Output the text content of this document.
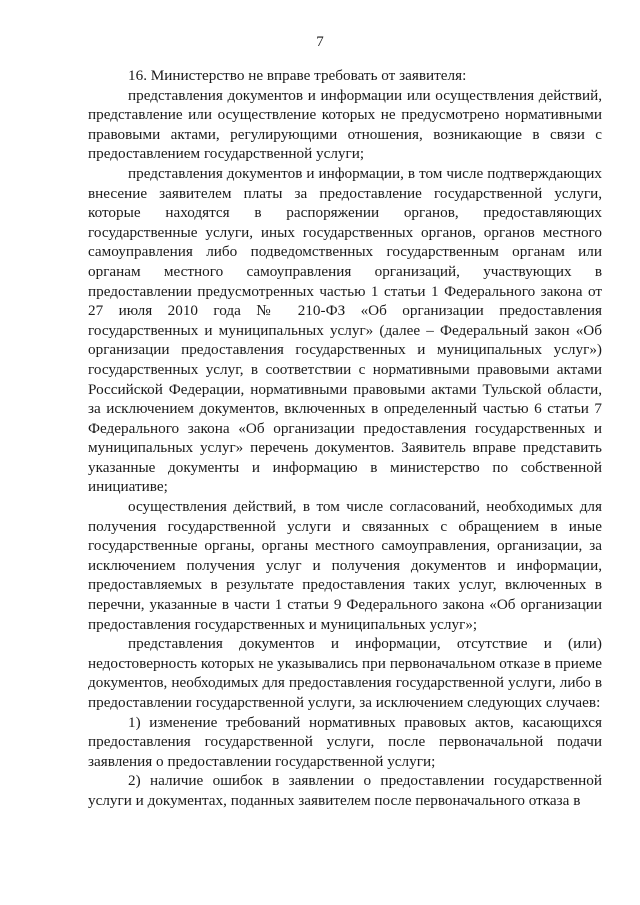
7

16. Министерство не вправе требовать от заявителя:

представления документов и информации или осуществления действий, представление или осуществление которых не предусмотрено нормативными правовыми актами, регулирующими отношения, возникающие в связи с предоставлением государственной услуги;

представления документов и информации, в том числе подтверждающих внесение заявителем платы за предоставление государственной услуги, которые находятся в распоряжении органов, предоставляющих государственные услуги, иных государственных органов, органов местного самоуправления либо подведомственных государственным органам или органам местного самоуправления организаций, участвующих в предоставлении предусмотренных частью 1 статьи 1 Федерального закона от 27 июля 2010 года № 210-ФЗ «Об организации предоставления государственных и муниципальных услуг» (далее – Федеральный закон «Об организации предоставления государственных и муниципальных услуг») государственных услуг, в соответствии с нормативными правовыми актами Российской Федерации, нормативными правовыми актами Тульской области, за исключением документов, включенных в определенный частью 6 статьи 7 Федерального закона «Об организации предоставления государственных и муниципальных услуг» перечень документов. Заявитель вправе представить указанные документы и информацию в министерство по собственной инициативе;

осуществления действий, в том числе согласований, необходимых для получения государственной услуги и связанных с обращением в иные государственные органы, органы местного самоуправления, организации, за исключением получения услуг и получения документов и информации, предоставляемых в результате предоставления таких услуг, включенных в перечни, указанные в части 1 статьи 9 Федерального закона «Об организации предоставления государственных и муниципальных услуг»;

представления документов и информации, отсутствие и (или) недостоверность которых не указывались при первоначальном отказе в приеме документов, необходимых для предоставления государственной услуги, либо в предоставлении государственной услуги, за исключением следующих случаев:

1) изменение требований нормативных правовых актов, касающихся предоставления государственной услуги, после первоначальной подачи заявления о предоставлении государственной услуги;

2) наличие ошибок в заявлении о предоставлении государственной услуги и документах, поданных заявителем после первоначального отказа в
